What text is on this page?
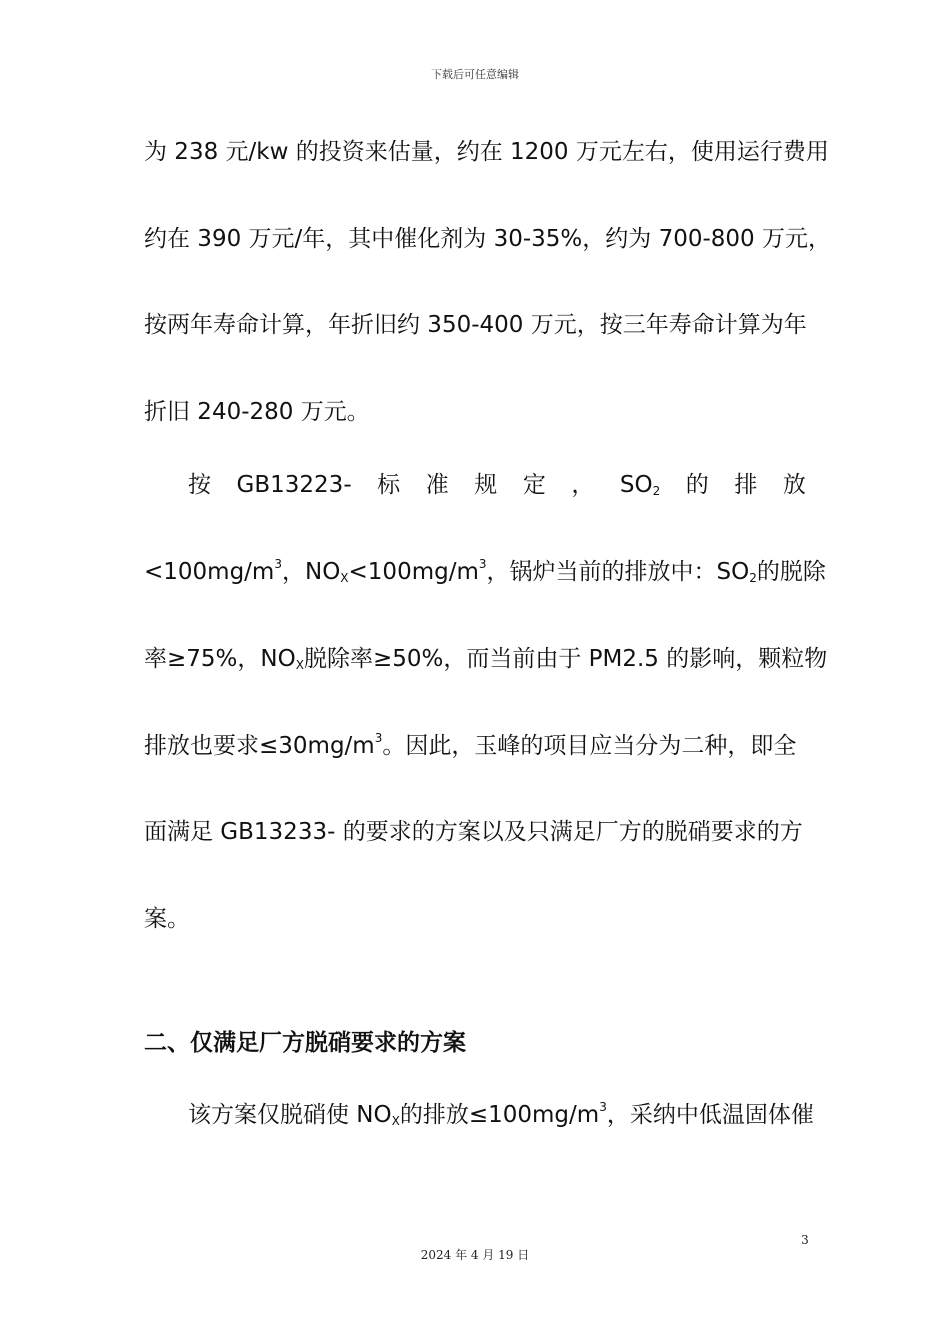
下载后可任意编辑
为 238 元/kw 的投资来估量，约在 1200 万元左右，使用运行费用
约在 390 万元/年，其中催化剂为 30-35%，约为 700-800 万元，
按两年寿命计算，年折旧约 350-400 万元，按三年寿命计算为年
折旧 240-280 万元。
按 GB13223- 标 准 规 定 ， $SO_2$ 的 排 放
$<100mg/m^3$，$NO_X<100mg/m^3$，锅炉当前的排放中：$SO_2$的脱除
率≥75%，$NO_X$脱除率≥50%，而当前由于 PM2.5 的影响，颗粒物
排放也要求$\le 30mg/m^3$。因此，玉峰的项目应当分为二种，即全
面满足 GB13233- 的要求的方案以及只满足厂方的脱硝要求的方
案。
二、仅满足厂方脱硝要求的方案
该方案仅脱硝使 $NO_X$的排放$\le 100mg/m^3$，采纳中低温固体催
3
2024 年 4 月 19 日
